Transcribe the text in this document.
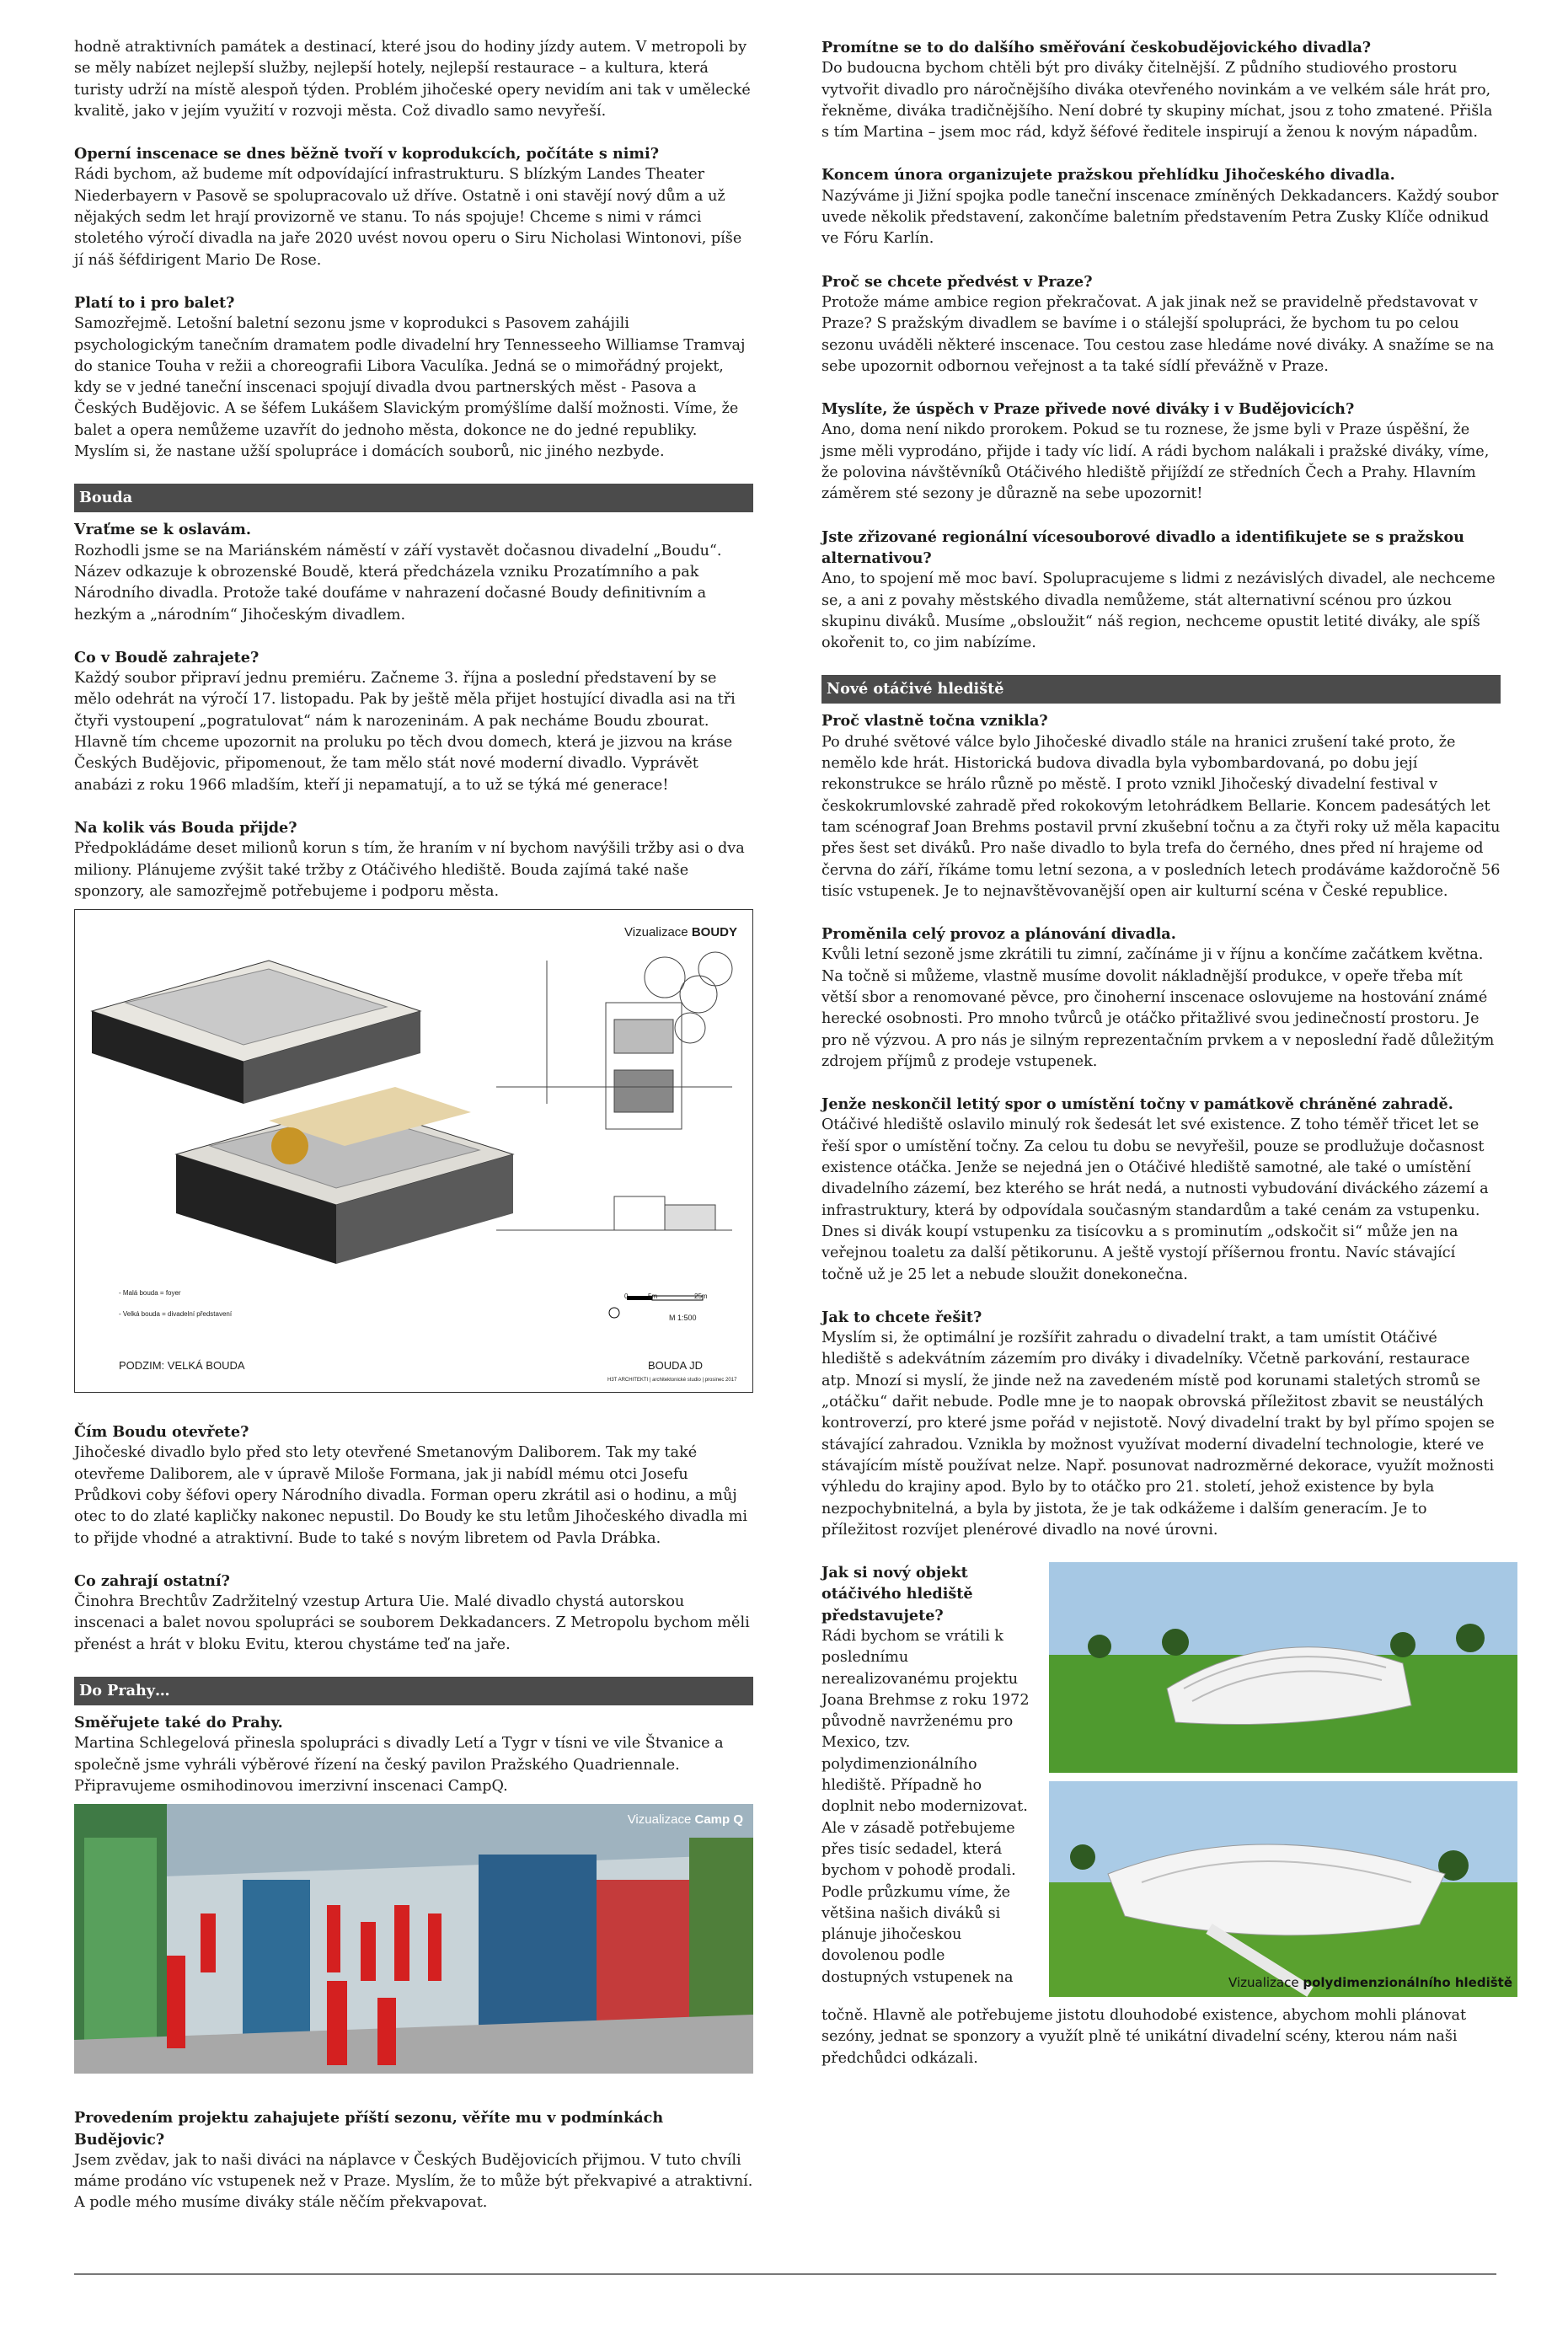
hodně atraktivních památek a destinací, které jsou do hodiny jízdy autem. V metropoli by se měly nabízet nejlepší služby, nejlepší hotely, nejlepší restaurace – a kultura, která turisty udrží na místě alespoň týden. Problém jihočeské opery nevidím ani tak v umělecké kvalitě, jako v jejím využití v rozvoji města. Což divadlo samo nevyřeší.

Operní inscenace se dnes běžně tvoří v koprodukcích, počítáte s nimi?

Rádi bychom, až budeme mít odpovídající infrastrukturu. S blízkým Landes Theater Niederbayern v Pasově se spolupracovalo už dříve. Ostatně i oni stavějí nový dům a už nějakých sedm let hrají provizorně ve stanu. To nás spojuje! Chceme s nimi v rámci stoletého výročí divadla na jaře 2020 uvést novou operu o Siru Nicholasi Wintonovi, píše jí náš šéfdirigent Mario De Rose.

Platí to i pro balet?

Samozřejmě. Letošní baletní sezonu jsme v koprodukci s Pasovem zahájili psychologickým tanečním dramatem podle divadelní hry Tennesseeho Williamse Tramvaj do stanice Touha v režii a choreografii Libora Vaculíka. Jedná se o mimořádný projekt, kdy se v jedné taneční inscenaci spojují divadla dvou partnerských měst - Pasova a Českých Budějovic. A se šéfem Lukášem Slavickým promýšlíme další možnosti. Víme, že balet a opera nemůžeme uzavřít do jednoho města, dokonce ne do jedné republiky. Myslím si, že nastane užší spolupráce i domácích souborů, nic jiného nezbyde.

Bouda

Vraťme se k oslavám.

Rozhodli jsme se na Mariánském náměstí v září vystavět dočasnou divadelní „Boudu“. Název odkazuje k obrozenské Boudě, která předcházela vzniku Prozatímního a pak Národního divadla. Protože také doufáme v nahrazení dočasné Boudy definitivním a hezkým a „národním“ Jihočeským divadlem.

Co v Boudě zahrajete?

Každý soubor připraví jednu premiéru. Začneme 3. října a poslední představení by se mělo odehrát na výročí 17. listopadu. Pak by ještě měla přijet hostující divadla asi na tři čtyři vystoupení „pogratulovat“ nám k narozeninám. A pak necháme Boudu zbourat. Hlavně tím chceme upozornit na proluku po těch dvou domech, která je jizvou na kráse Českých Budějovic, připomenout, že tam mělo stát nové moderní divadlo. Vyprávět anabázi z roku 1966 mladším, kteří ji nepamatují, a to už se týká mé generace!

Na kolik vás Bouda přijde?

Předpokládáme deset milionů korun s tím, že hraním v ní bychom navýšili tržby asi o dva miliony. Plánujeme zvýšit také tržby z Otáčivého hlediště. Bouda zajímá také naše sponzory, ale samozřejmě potřebujeme i podporu města.

Vizualizace BOUDY
- Malá bouda = foyer
- Velká bouda = divadelní představení
0	5m	25m
M 1:500
PODZIM: VELKÁ BOUDA	BOUDA JD
H3T ARCHITEKTI | architektonické studio | prosinec 2017

Čím Boudu otevřete?

Jihočeské divadlo bylo před sto lety otevřené Smetanovým Daliborem. Tak my také otevřeme Daliborem, ale v úpravě Miloše Formana, jak ji nabídl mému otci Josefu Průdkovi coby šéfovi opery Národního divadla. Forman operu zkrátil asi o hodinu, a můj otec to do zlaté kapličky nakonec nepustil. Do Boudy ke stu letům Jihočeského divadla mi to přijde vhodné a atraktivní. Bude to také s novým libretem od Pavla Drábka.

Co zahrají ostatní?

Činohra Brechtův Zadržitelný vzestup Artura Uie. Malé divadlo chystá autorskou inscenaci a balet novou spolupráci se souborem Dekkadancers. Z Metropolu bychom měli přenést a hrát v bloku Evitu, kterou chystáme teď na jaře.

Do Prahy…

Směřujete také do Prahy.

Martina Schlegelová přinesla spolupráci s divadly Letí a Tygr v tísni ve vile Štvanice a společně jsme vyhráli výběrové řízení na český pavilon Pražského Quadriennale. Připravujeme osmihodinovou imerzivní inscenaci CampQ.

Vizualizace Camp Q

Provedením projektu zahajujete příští sezonu, věříte mu v podmínkách Budějovic?

Jsem zvědav, jak to naši diváci na náplavce v Českých Budějovicích přijmou. V tuto chvíli máme prodáno víc vstupenek než v Praze. Myslím, že to může být překvapivé a atraktivní. A podle mého musíme diváky stále něčím překvapovat.

Promítne se to do dalšího směřování českobudějovického divadla?

Do budoucna bychom chtěli být pro diváky čitelnější. Z půdního studiového prostoru vytvořit divadlo pro náročnějšího diváka otevřeného novinkám a ve velkém sále hrát pro, řekněme, diváka tradičnějšího. Není dobré ty skupiny míchat, jsou z toho zmatené. Přišla s tím Martina – jsem moc rád, když šéfové ředitele inspirují a ženou k novým nápadům.

Koncem února organizujete pražskou přehlídku Jihočeského divadla.

Nazýváme ji Jižní spojka podle taneční inscenace zmíněných Dekkadancers. Každý soubor uvede několik představení, zakončíme baletním představením Petra Zusky Klíče odnikud ve Fóru Karlín.

Proč se chcete předvést v Praze?

Protože máme ambice region překračovat. A jak jinak než se pravidelně představovat v Praze? S pražským divadlem se bavíme i o stálejší spolupráci, že bychom tu po celou sezonu uváděli některé inscenace. Tou cestou zase hledáme nové diváky. A snažíme se na sebe upozornit odbornou veřejnost a ta také sídlí převážně v Praze.

Myslíte, že úspěch v Praze přivede nové diváky i v Budějovicích?

Ano, doma není nikdo prorokem. Pokud se tu roznese, že jsme byli v Praze úspěšní, že jsme měli vyprodáno, přijde i tady víc lidí. A rádi bychom nalákali i pražské diváky, víme, že polovina návštěvníků Otáčivého hlediště přijíždí ze středních Čech a Prahy. Hlavním záměrem sté sezony je důrazně na sebe upozornit!

Jste zřizované regionální vícesouborové divadlo a identifikujete se s pražskou alternativou?

Ano, to spojení mě moc baví. Spolupracujeme s lidmi z nezávislých divadel, ale nechceme se, a ani z povahy městského divadla nemůžeme, stát alternativní scénou pro úzkou skupinu diváků. Musíme „obsloužit“ náš region, nechceme opustit letité diváky, ale spíš okořenit to, co jim nabízíme.

Nové otáčivé hlediště

Proč vlastně točna vznikla?

Po druhé světové válce bylo Jihočeské divadlo stále na hranici zrušení také proto, že nemělo kde hrát. Historická budova divadla byla vybombardovaná, po dobu její rekonstrukce se hrálo různě po městě. I proto vznikl Jihočeský divadelní festival v českokrumlovské zahradě před rokokovým letohrádkem Bellarie. Koncem padesátých let tam scénograf Joan Brehms postavil první zkušební točnu a za čtyři roky už měla kapacitu přes šest set diváků. Pro naše divadlo to byla trefa do černého, dnes před ní hrajeme od června do září, říkáme tomu letní sezona, a v posledních letech prodáváme každoročně 56 tisíc vstupenek. Je to nejnavštěvovanější open air kulturní scéna v České republice.

Proměnila celý provoz a plánování divadla.

Kvůli letní sezoně jsme zkrátili tu zimní, začínáme ji v říjnu a končíme začátkem května. Na točně si můžeme, vlastně musíme dovolit nákladnější produkce, v opeře třeba mít větší sbor a renomované pěvce, pro činoherní inscenace oslovujeme na hostování známé herecké osobnosti. Pro mnoho tvůrců je otáčko přitažlivé svou jedinečností prostoru. Je pro ně výzvou. A pro nás je silným reprezentačním prvkem a v neposlední řadě důležitým zdrojem příjmů z prodeje vstupenek.

Jenže neskončil letitý spor o umístění točny v památkově chráněné zahradě.

Otáčivé hlediště oslavilo minulý rok šedesát let své existence. Z toho téměř třicet let se řeší spor o umístění točny. Za celou tu dobu se nevyřešil, pouze se prodlužuje dočasnost existence otáčka. Jenže se nejedná jen o Otáčivé hlediště samotné, ale také o umístění divadelního zázemí, bez kterého se hrát nedá, a nutnosti vybudování diváckého zázemí a infrastruktury, která by odpovídala současným standardům a také cenám za vstupenku. Dnes si divák koupí vstupenku za tisícovku a s prominutím „odskočit si“ může jen na veřejnou toaletu za další pětikorunu. A ještě vystojí příšernou frontu. Navíc stávající točně už je 25 let a nebude sloužit donekonečna.

Jak to chcete řešit?

Myslím si, že optimální je rozšířit zahradu o divadelní trakt, a tam umístit Otáčivé hlediště s adekvátním zázemím pro diváky i divadelníky. Včetně parkování, restaurace atp. Mnozí si myslí, že jinde než na zavedeném místě pod korunami staletých stromů se „otáčku“ dařit nebude. Podle mne je to naopak obrovská příležitost zbavit se neustálých kontroverzí, pro které jsme pořád v nejistotě. Nový divadelní trakt by byl přímo spojen se stávající zahradou. Vznikla by možnost využívat moderní divadelní technologie, které ve stávajícím místě používat nelze. Např. posunovat nadrozměrné dekorace, využít možnosti výhledu do krajiny apod. Bylo by to otáčko pro 21. století, jehož existence by byla nezpochybnitelná, a byla by jistota, že je tak odkážeme i dalším generacím. Je to příležitost rozvíjet plenérové divadlo na nové úrovni.

Jak si nový objekt otáčivého hlediště představujete?

Rádi bychom se vrátili k poslednímu nerealizovanému projektu Joana Brehmse z roku 1972 původně navrženému pro Mexico, tzv. polydimenzionálního hlediště. Případně ho doplnit nebo modernizovat. Ale v zásadě potřebujeme přes tisíc sedadel, která bychom v pohodě prodali. Podle průzkumu víme, že většina našich diváků si plánuje jihočeskou dovolenou podle dostupných vstupenek na	Vizualizace polydimenzionálního hlediště

točně. Hlavně ale potřebujeme jistotu dlouhodobé existence, abychom mohli plánovat sezóny, jednat se sponzory a využít plně té unikátní divadelní scény, kterou nám naši předchůdci odkázali.
